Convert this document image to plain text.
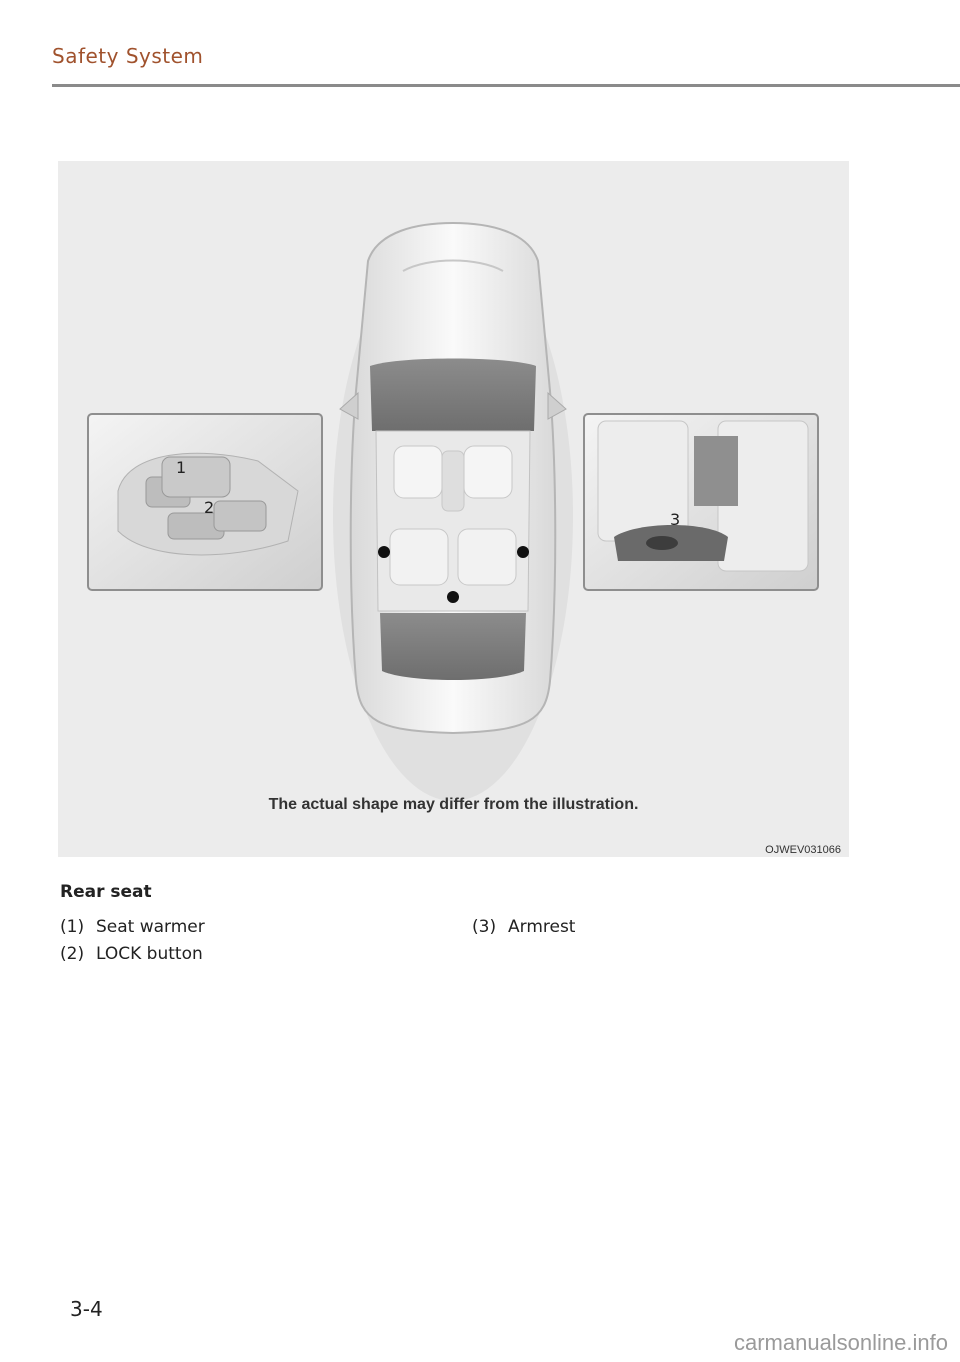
Safety System
1
2
3
The actual shape may differ from the illustration.
OJWEV031066
Rear seat
(1) Seat warmer
(2) LOCK button
(3) Armrest
3-4
carmanualsonline.info
